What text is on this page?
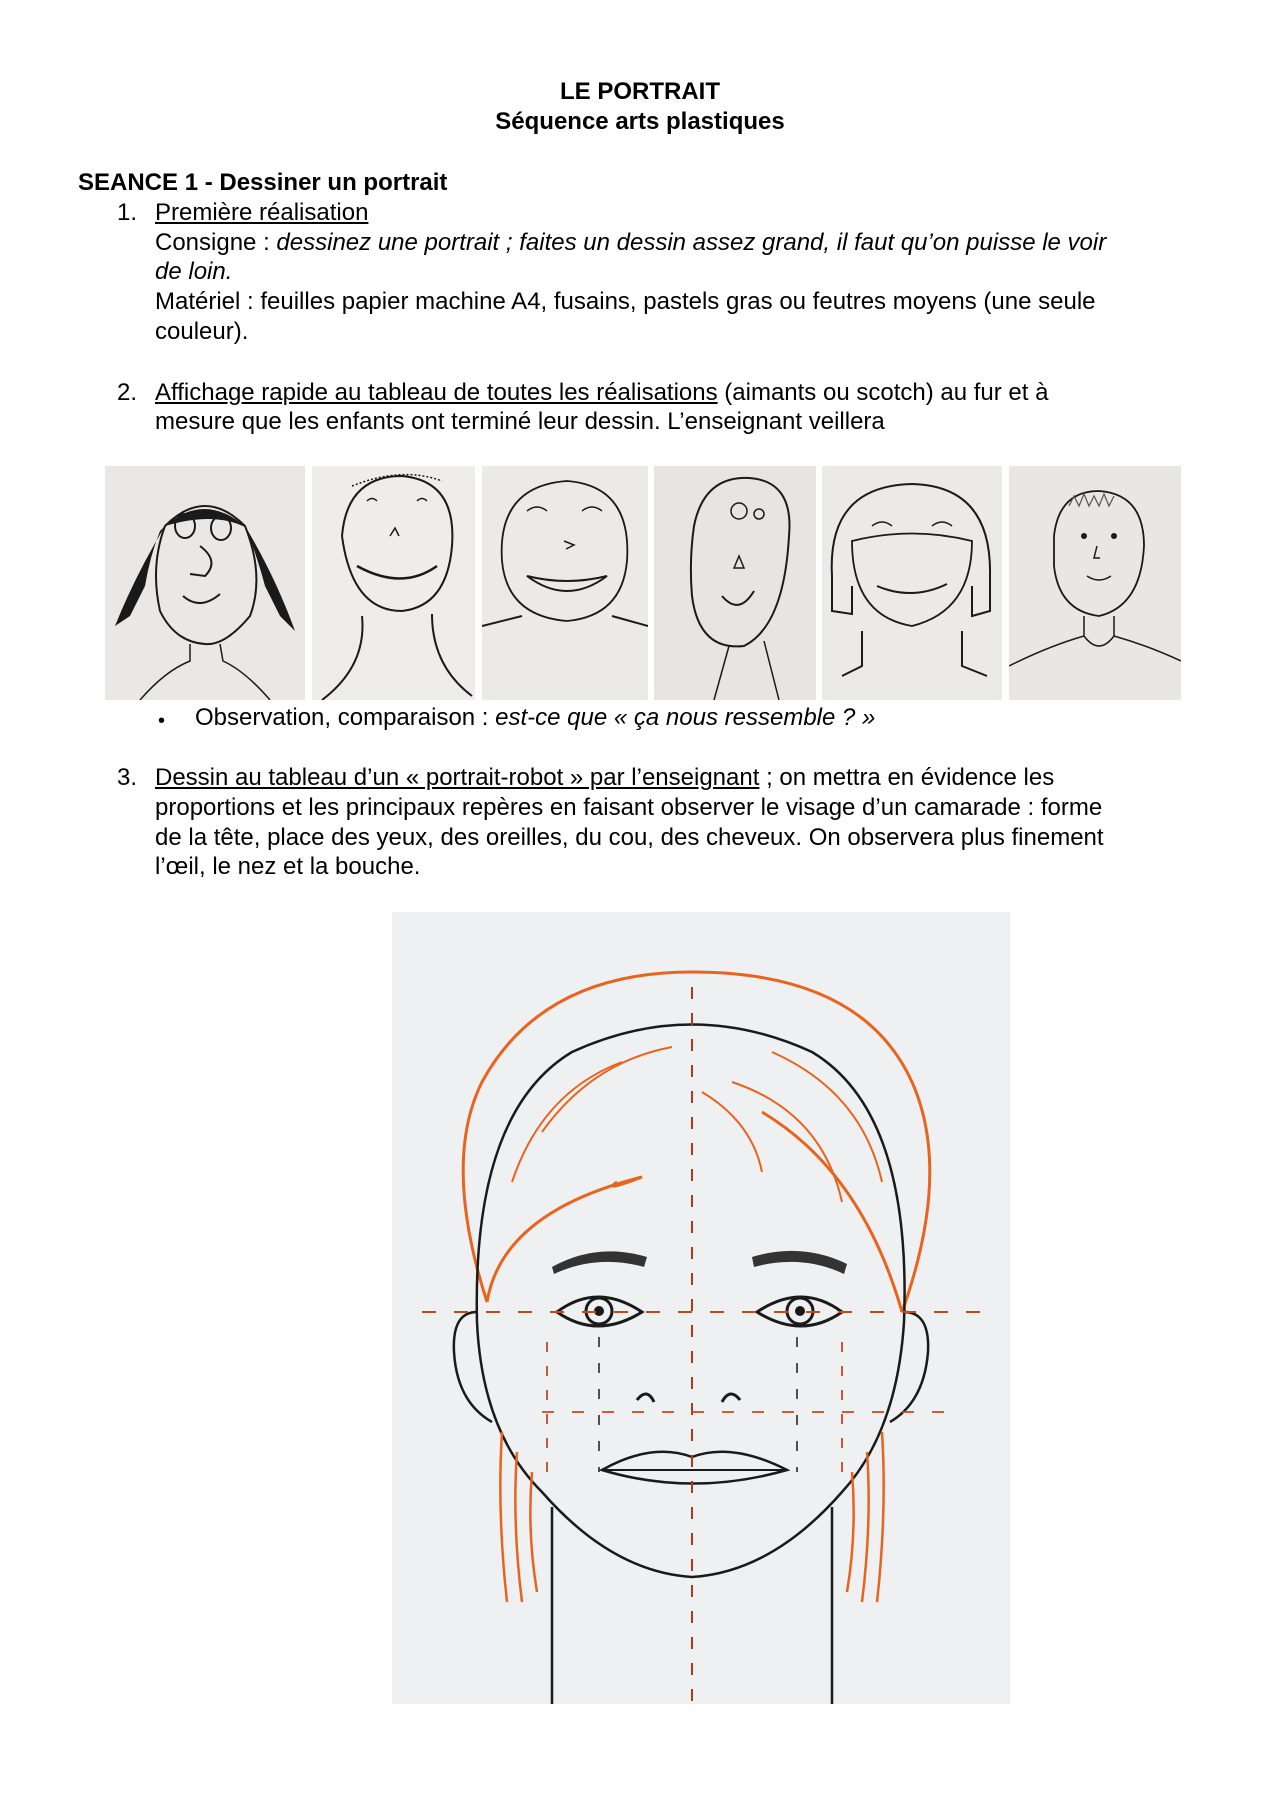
LE PORTRAIT
Séquence arts plastiques
SEANCE 1 - Dessiner un portrait
1. Première réalisation
Consigne : dessinez une portrait ; faites un dessin assez grand, il faut qu’on puisse le voir
de loin.
Matériel : feuilles papier machine A4, fusains, pastels gras ou feutres moyens (une seule
couleur).
2. Affichage rapide au tableau de toutes les réalisations (aimants ou scotch) au fur et à
mesure que les enfants ont terminé leur dessin. L’enseignant veillera
• Observation, comparaison : est-ce que « ça nous ressemble ? »
3. Dessin au tableau d’un « portrait-robot » par l’enseignant ; on mettra en évidence les
proportions et les principaux repères en faisant observer le visage d’un camarade : forme
de la tête, place des yeux, des oreilles, du cou, des cheveux. On observera plus finement
l’œil, le nez et la bouche.
